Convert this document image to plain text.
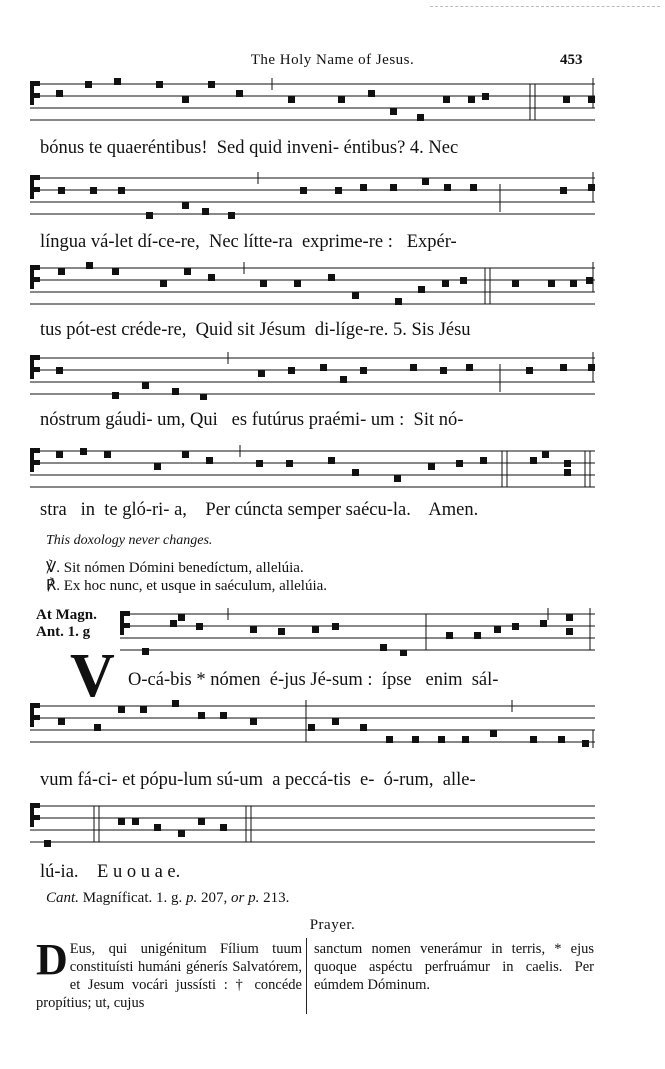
The Holy Name of Jesus.	453
bónus te quaeréntibus!  Sed quid inveni- éntibus? 4. Nec
língua vá-let dí-ce-re,  Nec lítte-ra  exprime-re :   Expér-
tus pót-est créde-re,  Quid sit Jésum  di-líge-re. 5. Sis Jésu
nóstrum gáudi- um, Qui   es futúrus praémi- um :  Sit nó-
stra   in  te gló-ri- a,    Per cúncta semper saécu-la.    Amen.
This doxology never changes.
℣. Sit nómen Dómini benedíctum, allelúia.
℟. Ex hoc nunc, et usque in saéculum, allelúia.
At Magn.
Ant. 1. g
V O-cá-bis * nómen  é-jus Jé-sum :  ípse   enim  sál-
vum fá-ci- et pópu-lum sú-um  a peccá-tis  e-  ó-rum,  alle-
lú-ia.    E u o u a e.
Cant. Magníficat. 1. g. p. 207, or p. 213.
Prayer.
D Eus, qui unigénitum Fílium tuum constituísti humáni génerís Salvatórem, et Jesum vocári jussísti : † concéde propítius; ut, cujus
sanctum nomen venerámur in terris, * ejus quoque aspéctu perfruámur in caelis. Per eúmdem Dóminum.
